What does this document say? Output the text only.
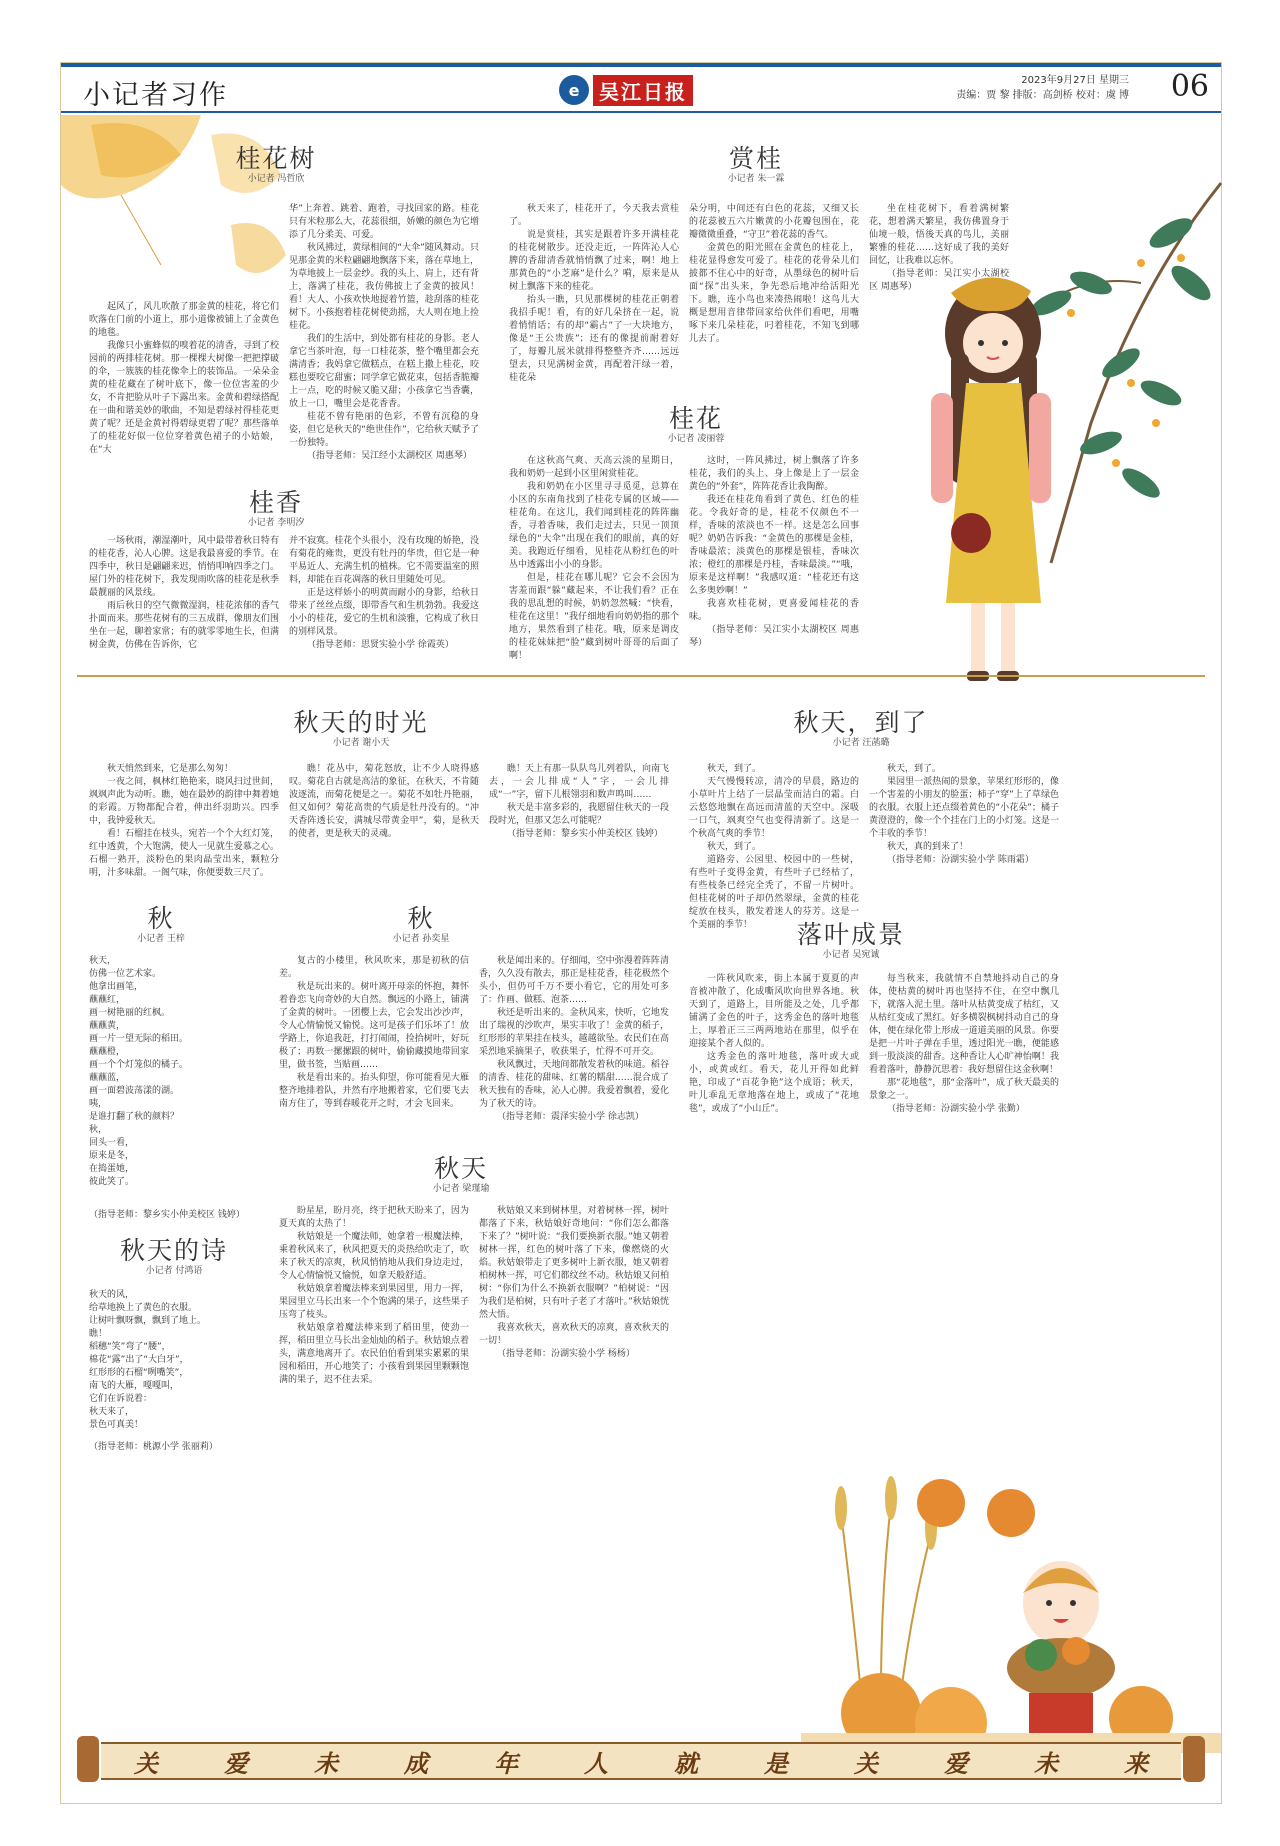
小记者习作	e 吴江日报	2023年9月27日 星期三
责编：贾 黎 排版：高剑桥 校对：虞 博 06
桂花树
小记者 冯哲欣

起风了，风儿吹散了那金黄的桂花，将它们吹落在门前的小道上，那小道像被铺上了金黄色的地毯。

我像只小蜜蜂似的嗅着花的清香，寻到了校园前的两排桂花树。那一棵棵大树像一把把撑破的伞，一簇簇的桂花像伞上的装饰品。一朵朵金黄的桂花藏在了树叶底下，像一位位害羞的少女，不肯把脸从叶子下露出来。金黄和碧绿搭配在一曲和谐美妙的歌曲，不知是碧绿衬得桂花更黄了呢？还是金黄衬得碧绿更碧了呢？那些落单了的桂花好似一位位穿着黄色裙子的小姑娘，在“大

华”上奔着、跳着、跑着，寻找回家的路。桂花只有米粒那么大，花蕊很细，娇嫩的颜色为它增添了几分柔美、可爱。

秋风拂过，黄绿相间的“大伞”随风舞动。只见那金黄的米粒翩翩地飘落下来，落在草地上，为草地披上一层金纱。我的头上、肩上，还有背上，落满了桂花，我仿佛披上了金黄的披风！看！大人、小孩欢快地提着竹篮，趁刮落的桂花树下。小孩抱着桂花树使劲摇，大人则在地上捡桂花。

我们的生活中，到处都有桂花的身影。老人拿它当茶叶泡，每一口桂花茶，整个嘴里都会充满清香；我妈拿它做糕点，在糕上撒上桂花，咬糕也要咬它甜蜜；同学拿它做花束，包括香脆瓣上一点，吃的时候又脆又甜；小孩拿它当香囊，放上一口，嘴里会是花香香。

桂花不曾有艳丽的色彩，不曾有沉稳的身姿，但它是秋天的“绝世佳作”，它给秋天赋予了一份独特。

（指导老师：吴江经小太湖校区 周惠琴）

赏桂
小记者 朱一霖

秋天来了，桂花开了，今天我去赏桂了。

说是赏桂，其实是跟着许多开满桂花的桂花树散步。还没走近，一阵阵沁人心脾的香甜清香就悄悄飘了过来，啊！地上那黄色的“小芝麻”是什么？嗬，原来是从树上飘落下来的桂花。

抬头一瞧，只见那棵树的桂花正朝着我招手呢！看，有的好几朵挤在一起，说着悄悄话；有的却“霸占”了一大块地方，像是“王公贵族”；还有的像提前耐着好了，每瓣儿展米就排得整整齐齐……远远望去，只见满树金黄，再配着汗绿一着，桂花朵

朵分明，中间还有白色的花蕊，又细又长的花蕊被五六片嫩黄的小花瓣包围在，花瓣微微重叠，“守卫”着花蕊的香气。

金黄色的阳光照在金黄色的桂花上，桂花显得愈发可爱了。桂花的花骨朵儿们披都不住心中的好奇，从墨绿色的树叶后面“探”出头来，争先恐后地冲给活阳光下。瞧，连小鸟也来凑热闹啦！这鸟儿大概是想用音律带回家给伙伴们看吧，用嘴啄下来几朵桂花，叼着桂花，不知飞到哪儿去了。

坐在桂花树下，看着满树繁花，想着满天繁星，我仿佛置身于仙境一般，悟後天真的鸟儿，美丽繁雅的桂花……这好成了我的美好回忆，让我难以忘怀。

（指导老师：吴江实小太湖校区 周惠琴）

桂香
小记者 李明汐

一场秋雨，潮湿潮叶，风中最带着秋日特有的桂花香，沁人心脾。这是我最喜爱的季节。在四季中，秋日是翩翩来迟，悄悄叩响四季之门。屋门外的桂花树下，我发现雨吹落的桂花是秋季最靓丽的风景线。

雨后秋日的空气微微湿润，桂花浓郁的香气扑面而来。那些花树有的三五成群，像朋友们围坐在一起，聊着家常；有的就零零地生长，但满树金黄，仿佛在告诉你，它

并不寂寞。桂花个头很小，没有玫瑰的娇艳，没有菊花的雍贵，更没有牡丹的华贵，但它是一种平易近人、充满生机的植株。它不需要温室的照料，却能在百花凋落的秋日里随处可见。

正是这样娇小的明黄而耐小的身影，给秋日带来了丝丝点缀，即带香气和生机勃勃。我爱这小小的桂花，爱它的生机和淡雅，它构成了秋日的别样风景。

（指导老师：思贤实验小学 徐霞英）

桂花
小记者 凌丽蓉

在这秋高气爽、天高云淡的星期日，我和奶奶一起到小区里闲赏桂花。

我和奶奶在小区里寻寻觅觅，总算在小区的东南角找到了桂花专属的区域——桂花角。在这儿，我们闻到桂花的阵阵幽香，寻着香味，我们走过去，只见一顶顶绿色的“大伞”出现在我们的眼前，真的好美。我跑近仔细看，见桂花从粉红色的叶丛中透露出小小的身影。

但是，桂花在哪儿呢？它会不会因为害羞而跟“躲”藏起来，不让我们看？正在我的思乱想的时候，奶奶忽然喊：“快看，桂花在这里！”我仔细地看向奶奶指的那个地方，果然看到了桂花。哦，原来是调皮的桂花妹妹把“脸”藏到树叶哥哥的后面了啊！

这时，一阵风拂过，树上飘落了许多桂花，我们的头上、身上像是上了一层金黄色的“外套”，阵阵花香让我陶醉。

我还在桂花角看到了黄色、红色的桂花。令我好奇的是，桂花不仅颜色不一样，香味的浓淡也不一样。这是怎么回事呢？奶奶告诉我：“金黄色的那棵是金桂，香味最浓；淡黄色的那棵是银桂，香味次浓；橙红的那棵是丹桂，香味最淡。”“哦，原来是这样啊！”我感叹道：“桂花还有这么多奥妙啊！”

我喜欢桂花树，更喜爱闻桂花的香味。

（指导老师：吴江实小太湖校区 周惠琴）

秋天的时光
小记者 谢小天

秋天悄然到来，它是那么匆匆！

一夜之间，枫林红艳艳来，晓风扫过世间，飒飒声此为动听。瞧，她在最妙的韵律中舞着她的彩霞。万物都配合着，伸出纤羽助兴。四季中，我钟爱秋天。

看！石榴挂在枝头，宛若一个个大红灯笼，红中透黄，个大饱满，使人一见就生爱慕之心。石榴一熟开，淡粉色的果肉晶莹出来，颗粒分明，汁多味甜。一阁气味，你便要数三尺了。

瞧！花丛中，菊花怒放，让不少人晓得感叹。菊花自古就是高洁的象征，在秋天，不肯随波逐流，而菊花便是之一。菊花不如牡丹艳丽，但又如何？菊花高贵的气质是牡丹没有的。“冲天香阵透长安，满城尽带黄金甲”，菊，是秋天的使者，更是秋天的灵魂。

瞧！天上有那一队队鸟儿列着队，向南飞去，一会儿排成“人”字，一会儿排成“一”字，留下儿根翎羽和数声鸣叫……

秋天是丰富多彩的，我愿留住秋天的一段段时光，但那又怎么可能呢？

（指导老师：黎乡实小仲美校区 钱婷）

秋天，到了
小记者 汪菡璐

秋天，到了。

天气慢慢转凉，清冷的早晨，路边的小草叶片上结了一层晶莹而洁白的霜。白云悠悠地飘在高远而清蓝的天空中。深吸一口气，飒爽空气也变得清新了。这是一个秋高气爽的季节！

秋天，到了。

道路旁、公园里、校园中的一些树，有些叶子变得金黄，有些叶子已经枯了，有些枝条已经完全秃了，不留一片树叶。但桂花树的叶子却仍然翠绿，金黄的桂花绽放在枝头，散发着迷人的芬芳。这是一个美丽的季节！

秋天，到了。

果园里一派热闹的景象，苹果红形形的，像一个害羞的小朋友的脸蛋；柿子“穿”上了草绿色的衣服。衣服上还点缀着黄色的“小花朵”；橘子黄澄澄的，像一个个挂在门上的小灯笼。这是一个丰收的季节！

秋天，真的到来了！

（指导老师：汾湖实验小学 陈雨霜）

秋
小记者 王梓
秋天，
仿佛一位艺术家。
他拿出画笔，
蘸蘸红，
画一树艳丽的红枫。
蘸蘸黄，
画一片一望无际的稻田。
蘸蘸橙，
画一个个灯笼似的橘子。
蘸蘸蓝，
画一面碧波荡漾的湖。
咦，
是谁打翻了秋的颜料？
秋，
回头一看，
原来是冬，
在捣蛋她，
彼此笑了。
（指导老师：黎乡实小仲美校区 钱婷）
秋
小记者 孙奕星

复古的小楼里，秋风吹来，那是初秋的信差。

秋是玩出来的。树叶离开母亲的怀抱，舞怀着眷恋飞向奇妙的大自然。飘远的小路上，铺满了金黄的树叶。一团樱上去，它会发出沙沙声，令人心情愉悦又愉悦。这可是孩子们乐坏了！放学路上，你追我赶，打打闹闹，捡拾树叶，好玩极了；再数一摞摞跟的树叶，偷偷藏摸地带回家里，做书签，当贴画……

秋是看出来的。抬头仰望，你可能看见大雁整齐地排着队，并然有序地搬着家，它们要飞去南方住了，等到春暖花开之时，才会飞回来。

秋是闻出来的。仔细闻，空中弥漫着阵阵清香，久久没有散去，那正是桂花香，桂花极然个头小，但仍可千万不要小看它，它的用处可多了：作画、做糕、泡茶……

秋还是听出来的。金秋风来，快听，它地发出了瑞视的沙吹声，果实丰收了！金黄的稻子，红形形的苹果挂在枝头，越越欲坠。农民们在高采烈地采摘果子，收获果子，忙得不可开交。

秋风飘过，天地间都散发着秋的味道。稻谷的清香、桂花的甜味、红薯的糯甜……混合成了秋天独有的香味，沁人心脾。我爱着飘着，爱化为了秋天的诗。

（指导老师：震泽实验小学 徐志凯）

落叶成景
小记者 吴宛诚

一阵秋风吹来，街上本属于夏夏的声音被冲散了，化成嘶风吹向世界各地。秋天到了，道路上，目所能及之处，几乎都铺满了金色的叶子，这秀金色的落叶地毯上，厚着正三三两两地站在那里，似乎在迎接某个者人似的。

这秀金色的落叶地毯，落叶或大或小，或黄或红。看天，花儿开得如此鲜艳，印成了“百花争艳”这个成语；秋天，叶儿乖乱无章地落在地上，或成了“花地毯”，或成了“小山丘”。

每当秋来，我就情不自禁地抖动自己的身体，使枯黄的树叶再也坚持不住，在空中飘几下，就落入泥土里。落叶从枯黄变成了枯红，又从枯红变成了黑红。好多横裂枫树抖动自己的身体，便在绿化带上形成一道道美丽的风景。你要是把一片叶子弹在手里，透过阳光一瞧，便能感到一股淡淡的甜香。这种香让人心旷神怡啊！我看着落叶，静静沉思着：我好想留住这金秋啊！

那“花地毯”，那“金落叶”，成了秋天最美的景象之一。

（指导老师：汾湖实验小学 张勤）

秋天
小记者 梁瑾瑜

盼星星，盼月亮，终于把秋天盼来了，因为夏天真的太热了！

秋姑娘是一个魔法师，她拿着一根魔法棒，乘着秋风来了，秋风把夏天的炎热给吹走了，吹来了秋天的凉爽，秋风悄悄地从我们身边走过，令人心情愉悦又愉悦，如拿天般舒适。

秋姑娘拿着魔法棒来到果园里，用力一挥，果园里立马长出来一个个饱满的果子，这些果子压弯了枝头。

秋姑娘拿着魔法棒来到了稻田里，使劲一挥，稻田里立马长出金灿灿的稻子。秋姑娘点着头，满意地离开了。农民伯伯看到果实累累的果园和稻田，开心地笑了；小孩看到果园里颗颗饱满的果子，迟不住去采。

秋姑娘又来到树林里，对着树林一挥，树叶都落了下来，秋姑娘好奇地问：“你们怎么都落下来了？”树叶说：“我们要换新衣服。”她又朝着树林一挥，红色的树叶落了下来，像燃烧的火焰。秋姑娘带走了更多树叶上新衣服，她又朝着柏树林一挥，可它们都纹丝不动。秋姑娘又问柏树：“你们为什么不换新衣服啊？”柏树说：“因为我们是柏树，只有叶子老了才落叶。”秋姑娘恍然大悟。

我喜欢秋天，喜欢秋天的凉爽，喜欢秋天的一切！

（指导老师：汾湖实验小学 杨杨）

秋天的诗
小记者 付鸿语
秋天的风，
给草地换上了黄色的衣服。
让树叶飘呀飘，飘到了地上。
瞧！
稻穗“笑”弯了“腰”，
棉花“露”出了“大白牙”，
红形形的石榴“咧嘴笑”，
南飞的大雁，嘎嘎叫，
它们在诉说着：
秋天来了，
景色可真美！
（指导老师：桃源小学 张丽莉）
关	爱	未	成	年	人	就	是	关	爱	未	来
